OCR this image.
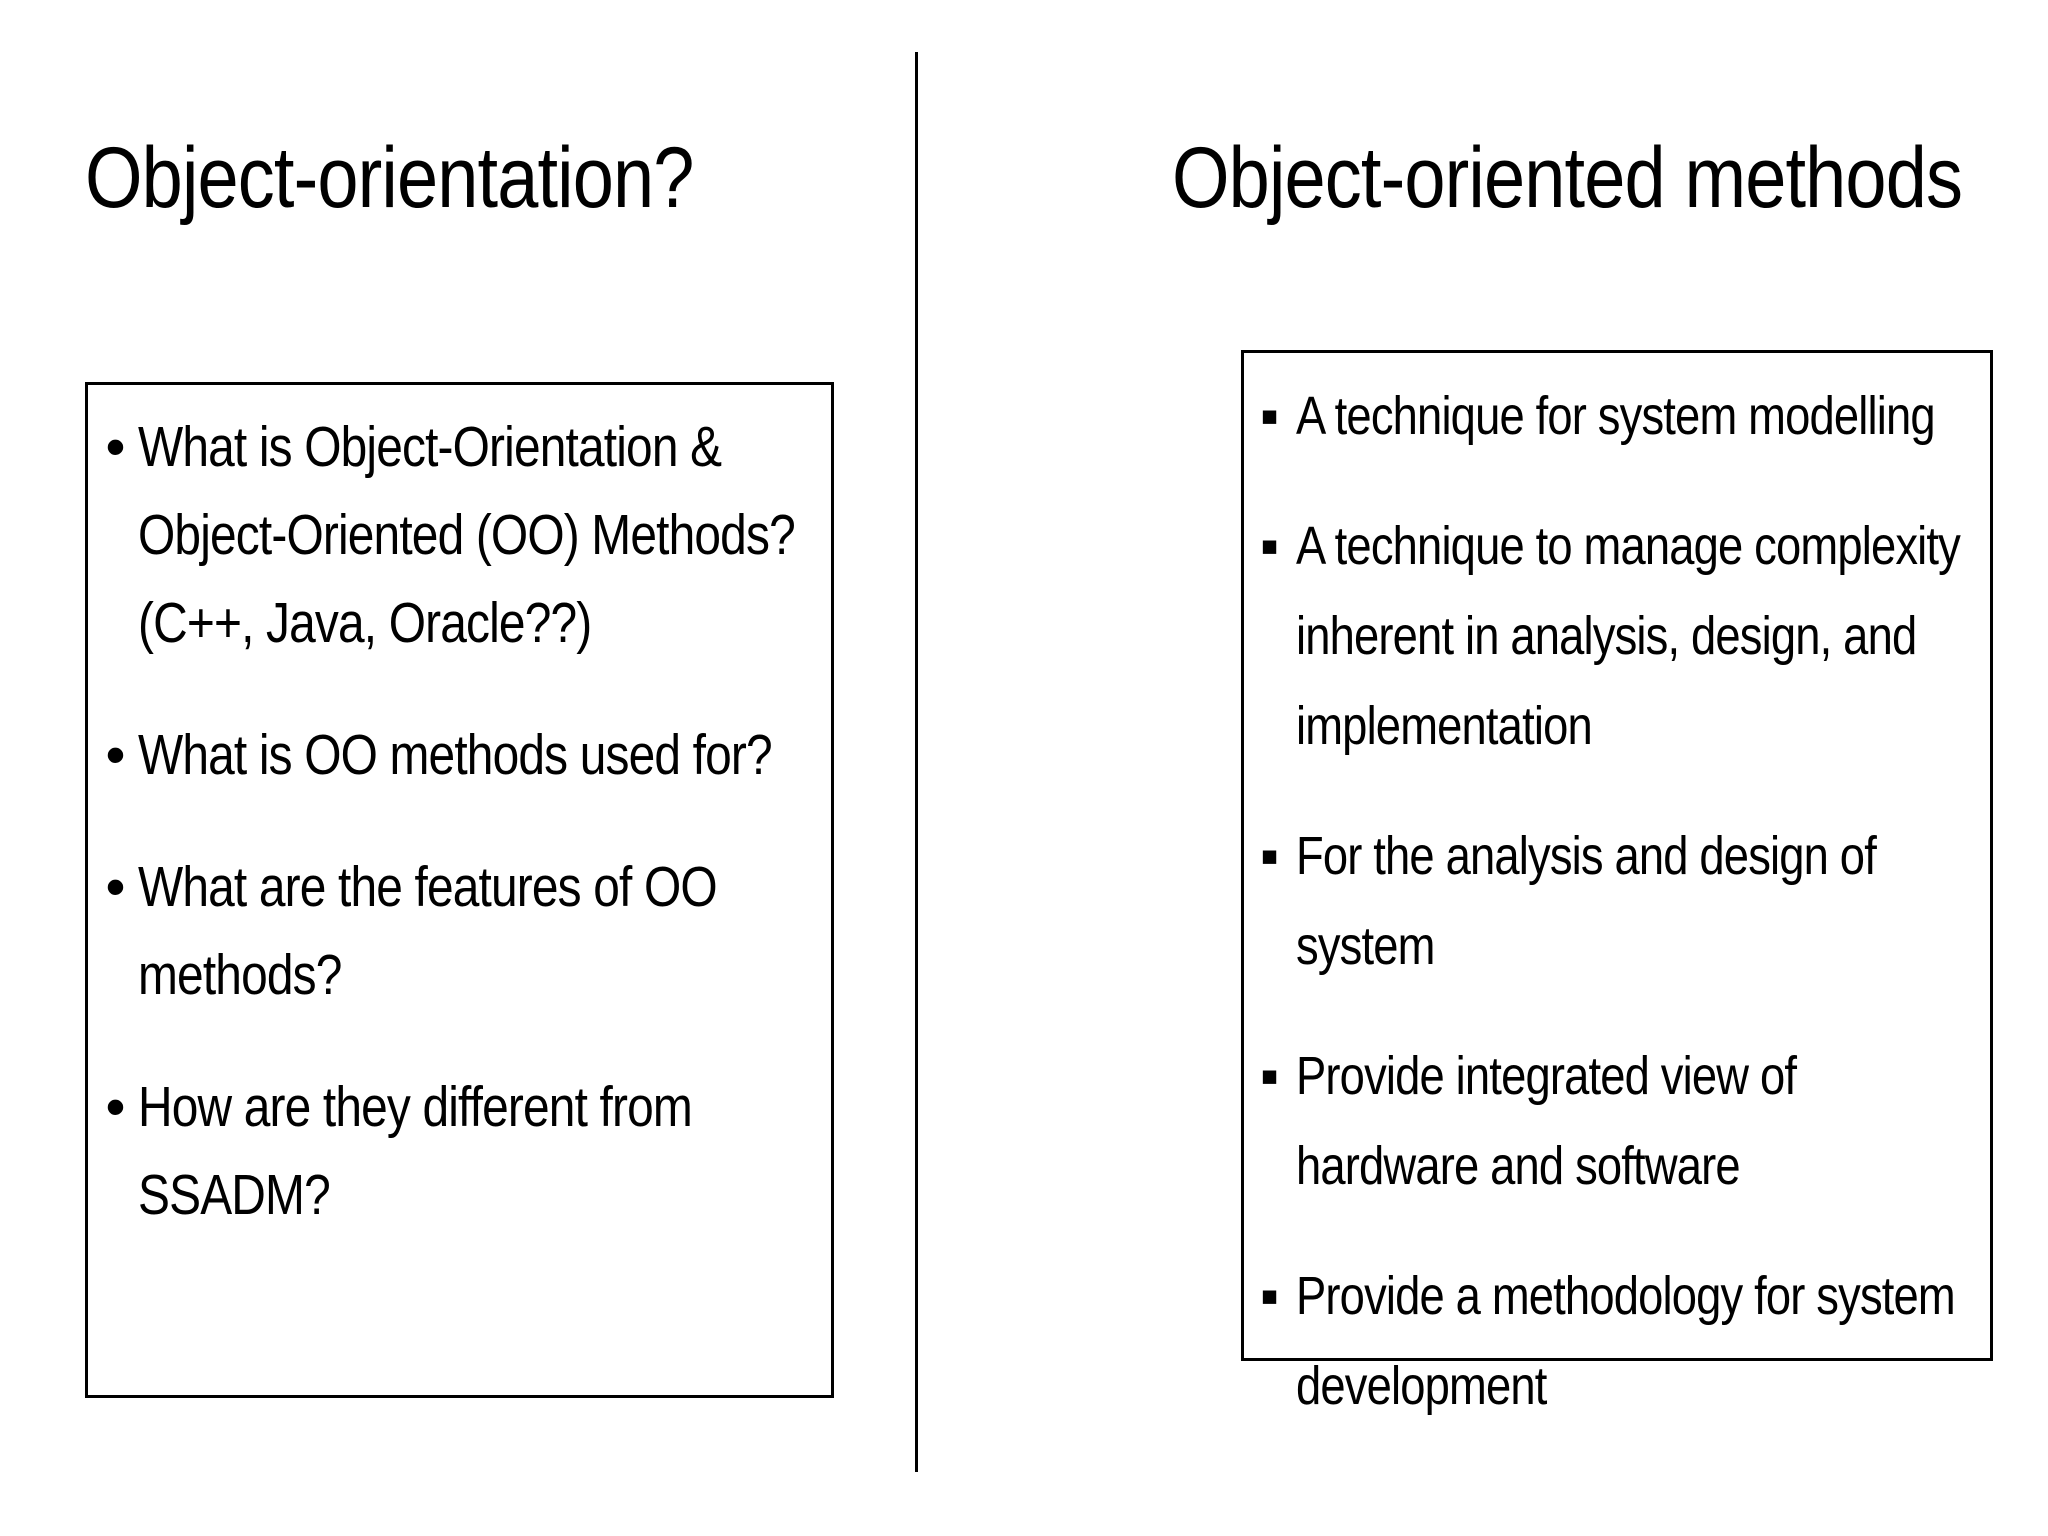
Object-orientation?
• What is Object-Orientation & Object-Oriented (OO) Methods? (C++, Java, Oracle??)
• What is OO methods used for?
• What are the features of OO methods?
• How are they different from SSADM?
Object-oriented methods
▪ A technique for system modelling
▪ A technique to manage complexity inherent in analysis, design, and implementation
▪ For the analysis and design of system
▪ Provide integrated view of hardware and software
▪ Provide a methodology for system development
